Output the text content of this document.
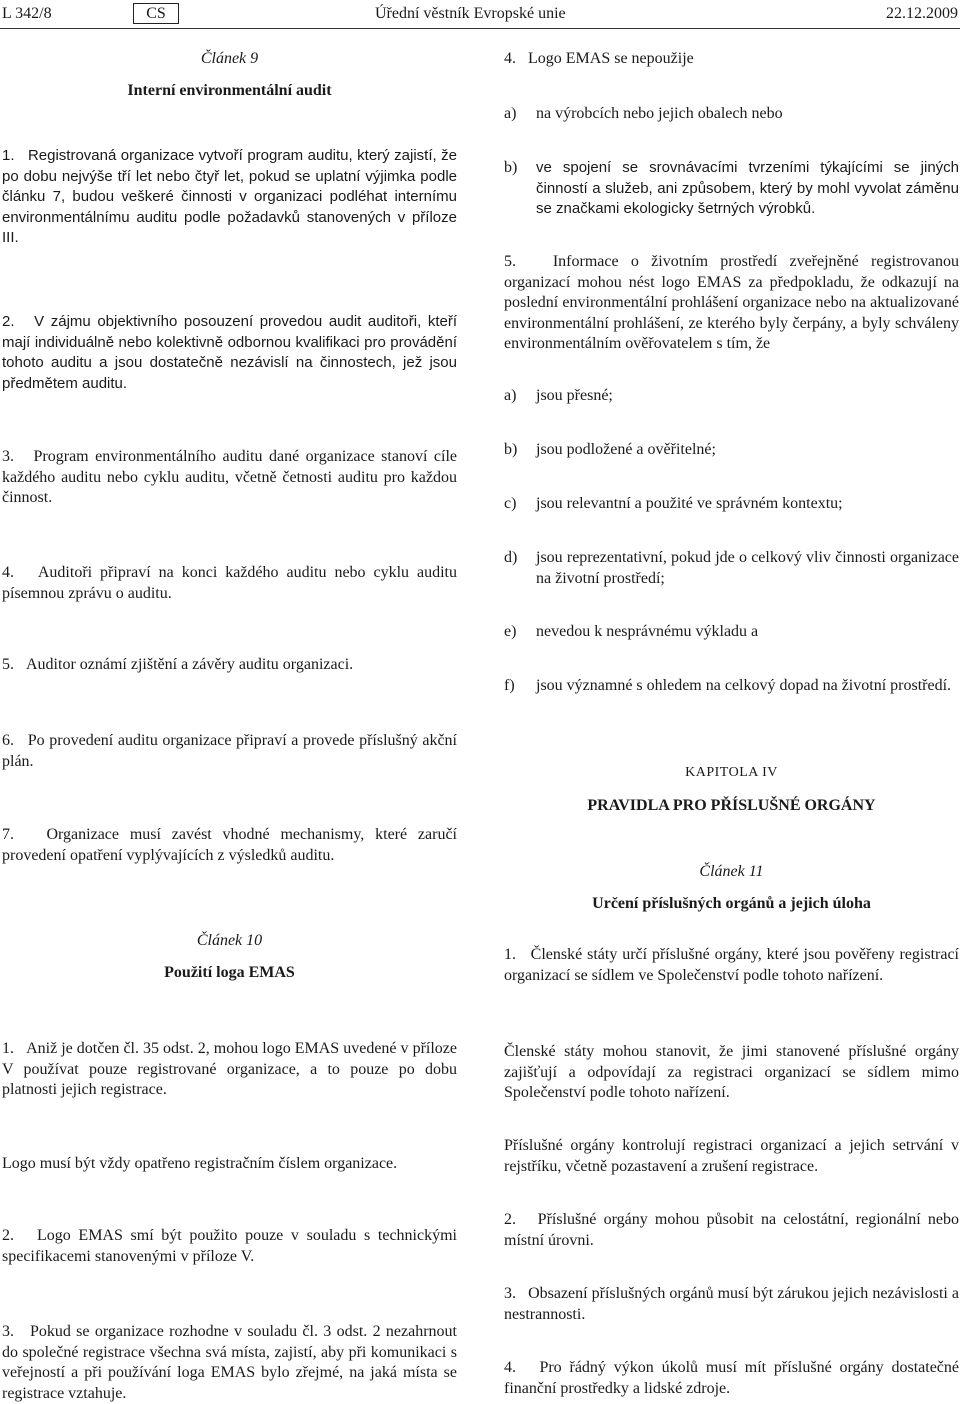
L 342/8	CS	Úřední věstník Evropské unie	22.12.2009
Článek 9
Interní environmentální audit
1.   Registrovaná organizace vytvoří program auditu, který zajistí, že po dobu nejvýše tří let nebo čtyř let, pokud se uplatní výjimka podle článku 7, budou veškeré činnosti v organizaci podléhat internímu environmentálnímu auditu podle požadavků stanovených v příloze III.
2.   V zájmu objektivního posouzení provedou audit auditoři, kteří mají individuálně nebo kolektivně odbornou kvalifikaci pro provádění tohoto auditu a jsou dostatečně nezávislí na činnostech, jež jsou předmětem auditu.
3.   Program environmentálního auditu dané organizace stanoví cíle každého auditu nebo cyklu auditu, včetně četnosti auditu pro každou činnost.
4.   Auditoři připraví na konci každého auditu nebo cyklu auditu písemnou zprávu o auditu.
5.   Auditor oznámí zjištění a závěry auditu organizaci.
6.   Po provedení auditu organizace připraví a provede příslušný akční plán.
7.   Organizace musí zavést vhodné mechanismy, které zaručí provedení opatření vyplývajících z výsledků auditu.
Článek 10
Použití loga EMAS
1.   Aniž je dotčen čl. 35 odst. 2, mohou logo EMAS uvedené v příloze V používat pouze registrované organizace, a to pouze po dobu platnosti jejich registrace.
Logo musí být vždy opatřeno registračním číslem organizace.
2.   Logo EMAS smí být použito pouze v souladu s technickými specifikacemi stanovenými v příloze V.
3.   Pokud se organizace rozhodne v souladu čl. 3 odst. 2 nezahrnout do společné registrace všechna svá místa, zajistí, aby při komunikaci s veřejností a při používání loga EMAS bylo zřejmé, na jaká místa se registrace vztahuje.
4.   Logo EMAS se nepoužije
a)	na výrobcích nebo jejich obalech nebo
b)	ve spojení se srovnávacími tvrzeními týkajícími se jiných činností a služeb, ani způsobem, který by mohl vyvolat záměnu se značkami ekologicky šetrných výrobků.
5.   Informace o životním prostředí zveřejněné registrovanou organizací mohou nést logo EMAS za předpokladu, že odkazují na poslední environmentální prohlášení organizace nebo na aktualizované environmentální prohlášení, ze kterého byly čerpány, a byly schváleny environmentálním ověřovatelem s tím, že
a)	jsou přesné;
b)	jsou podložené a ověřitelné;
c)	jsou relevantní a použité ve správném kontextu;
d)	jsou reprezentativní, pokud jde o celkový vliv činnosti organizace na životní prostředí;
e)	nevedou k nesprávnému výkladu a
f)	jsou významné s ohledem na celkový dopad na životní prostředí.
KAPITOLA IV
PRAVIDLA PRO PŘÍSLUŠNÉ ORGÁNY
Článek 11
Určení příslušných orgánů a jejich úloha
1.   Členské státy určí příslušné orgány, které jsou pověřeny registrací organizací se sídlem ve Společenství podle tohoto nařízení.
Členské státy mohou stanovit, že jimi stanovené příslušné orgány zajišťují a odpovídají za registraci organizací se sídlem mimo Společenství podle tohoto nařízení.
Příslušné orgány kontrolují registraci organizací a jejich setrvání v rejstříku, včetně pozastavení a zrušení registrace.
2.   Příslušné orgány mohou působit na celostátní, regionální nebo místní úrovni.
3.   Obsazení příslušných orgánů musí být zárukou jejich nezávislosti a nestrannosti.
4.   Pro řádný výkon úkolů musí mít příslušné orgány dostatečné finanční prostředky a lidské zdroje.
